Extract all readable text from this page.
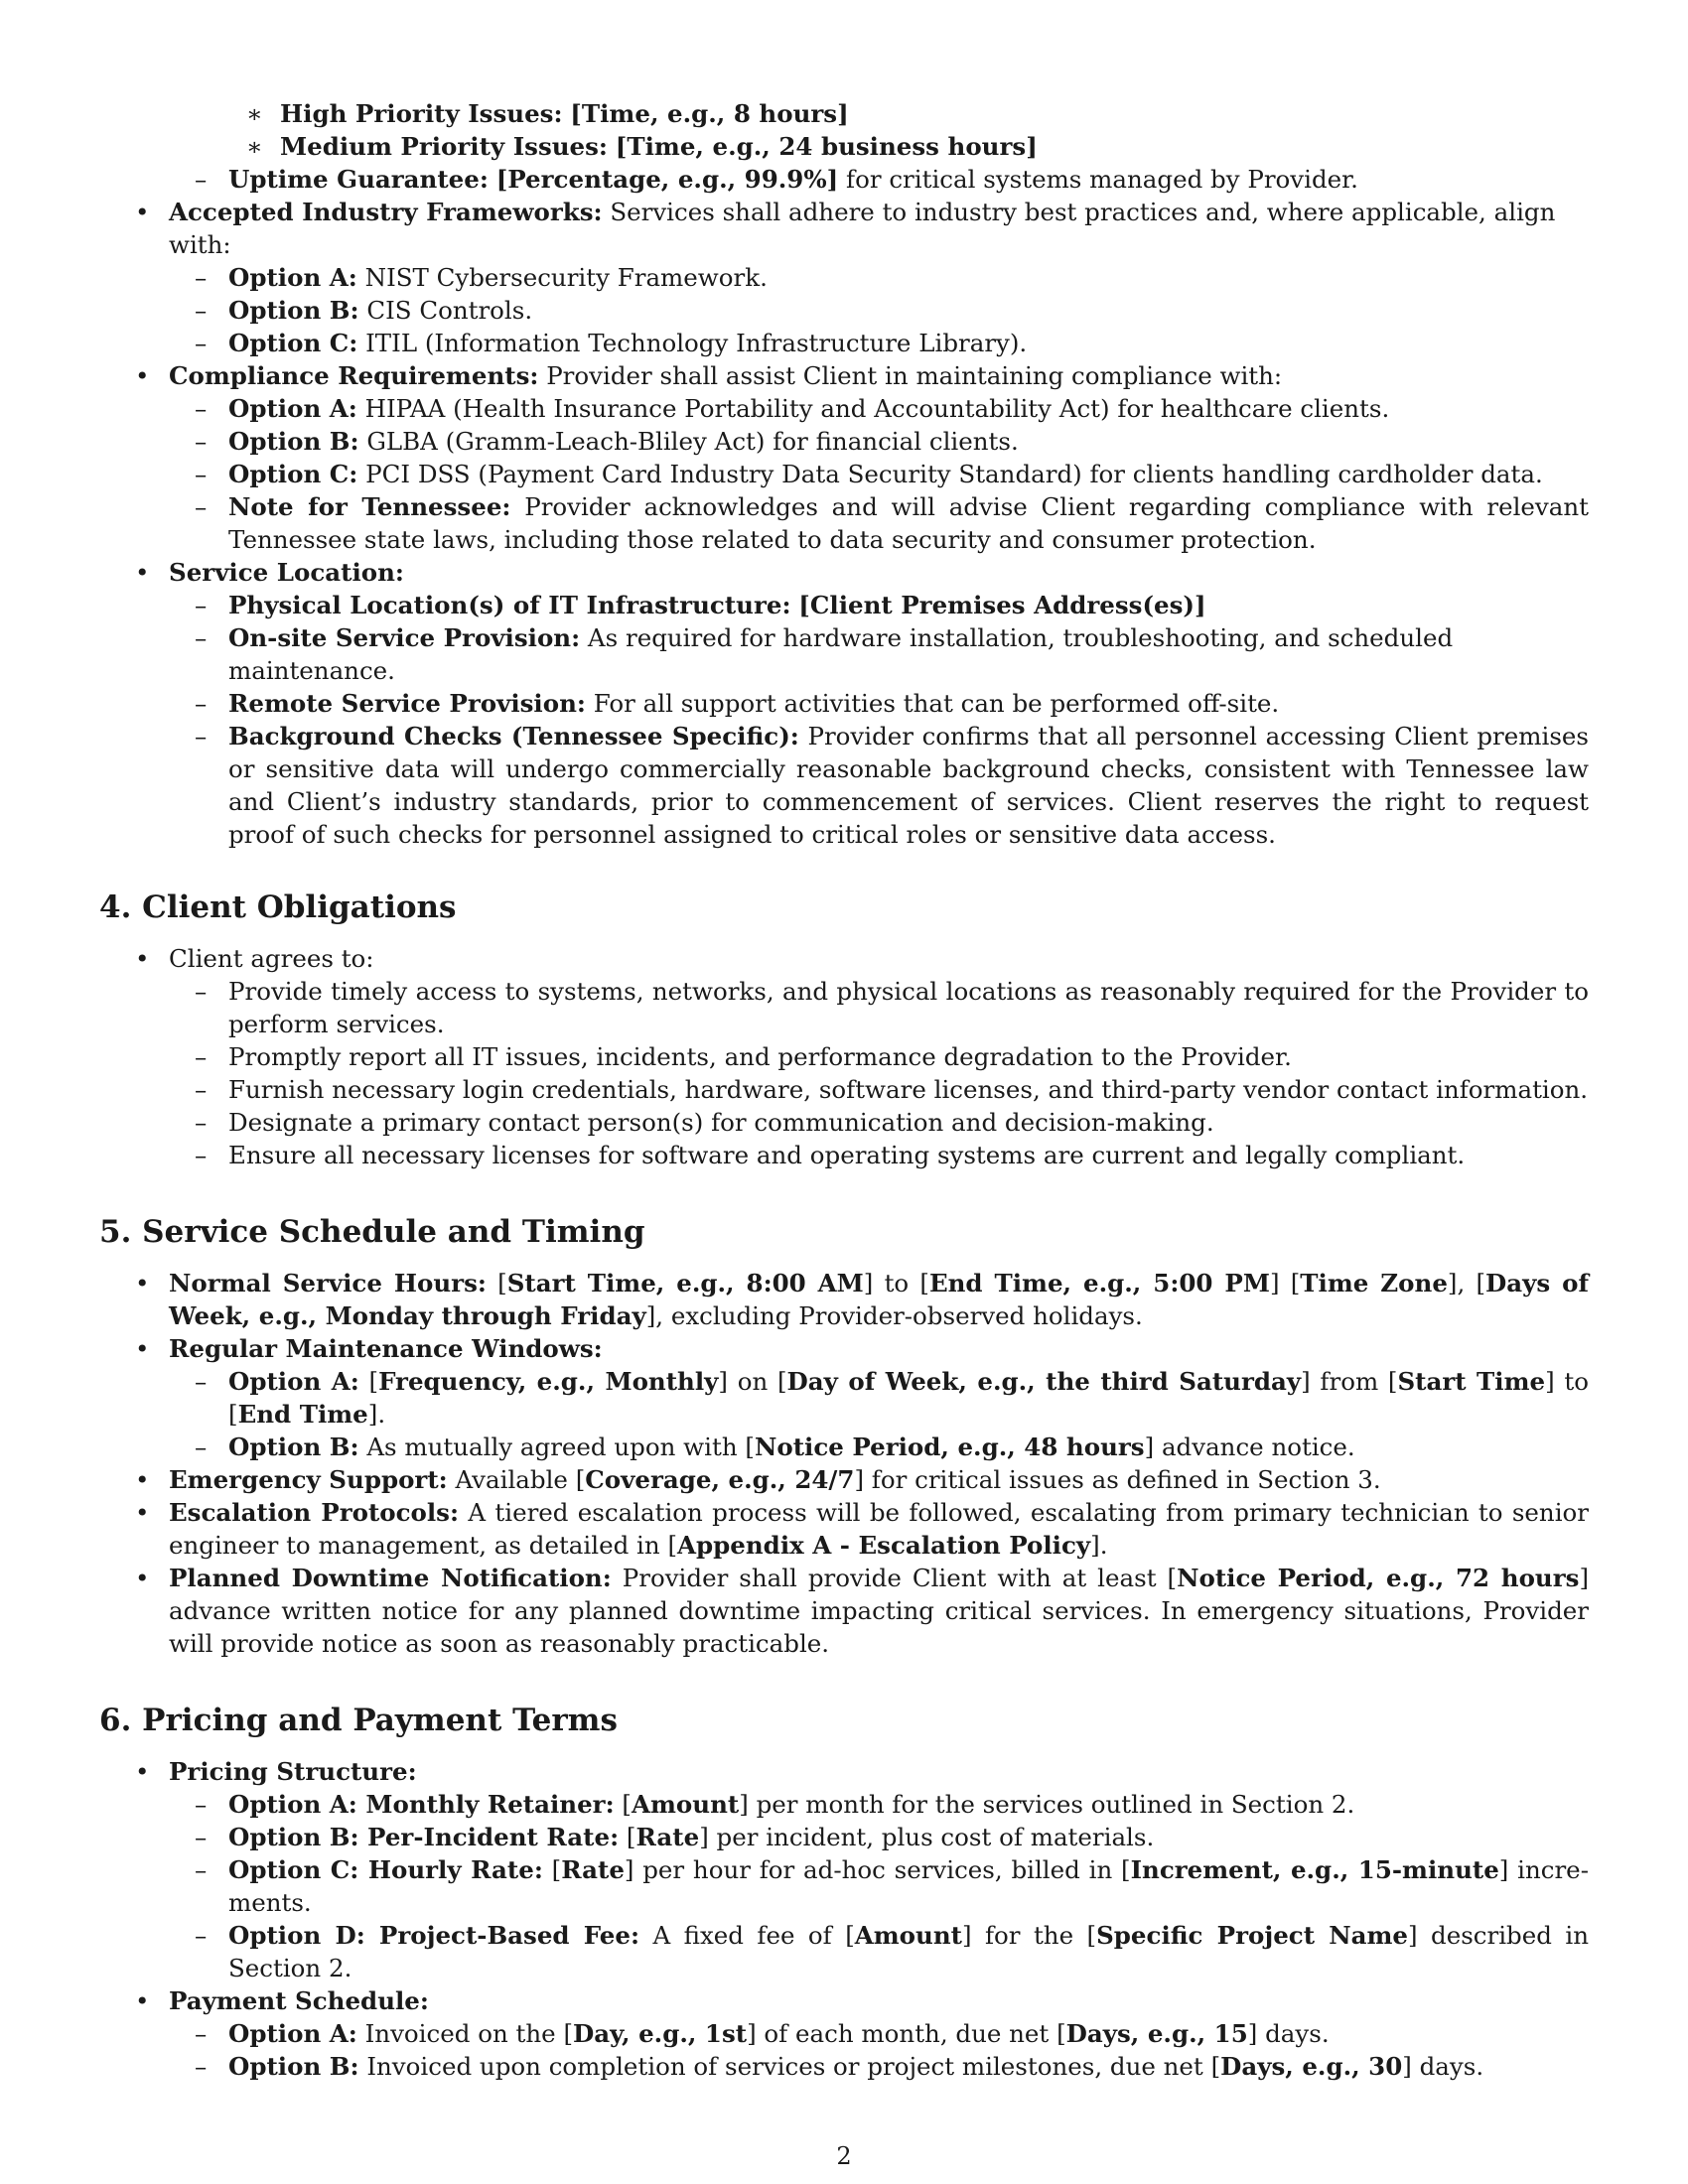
∗ High Priority Issues: [Time, e.g., 8 hours]
∗ Medium Priority Issues: [Time, e.g., 24 business hours]
– Uptime Guarantee: [Percentage, e.g., 99.9%] for critical systems managed by Provider.
• Accepted Industry Frameworks: Services shall adhere to industry best practices and, where applicable, align with:
– Option A: NIST Cybersecurity Framework.
– Option B: CIS Controls.
– Option C: ITIL (Information Technology Infrastructure Library).
• Compliance Requirements: Provider shall assist Client in maintaining compliance with:
– Option A: HIPAA (Health Insurance Portability and Accountability Act) for healthcare clients.
– Option B: GLBA (Gramm-Leach-Bliley Act) for financial clients.
– Option C: PCI DSS (Payment Card Industry Data Security Standard) for clients handling cardholder data.
– Note for Tennessee: Provider acknowledges and will advise Client regarding compliance with relevant Tennessee state laws, including those related to data security and consumer protection.
• Service Location:
– Physical Location(s) of IT Infrastructure: [Client Premises Address(es)]
– On-site Service Provision: As required for hardware installation, troubleshooting, and scheduled maintenance.
– Remote Service Provision: For all support activities that can be performed off-site.
– Background Checks (Tennessee Specific): Provider confirms that all personnel accessing Client premises or sensitive data will undergo commercially reasonable background checks, consistent with Tennessee law and Client’s industry standards, prior to commencement of services. Client reserves the right to request proof of such checks for personnel assigned to critical roles or sensitive data access.
4. Client Obligations
• Client agrees to:
– Provide timely access to systems, networks, and physical locations as reasonably required for the Provider to perform services.
– Promptly report all IT issues, incidents, and performance degradation to the Provider.
– Furnish necessary login credentials, hardware, software licenses, and third-party vendor contact information.
– Designate a primary contact person(s) for communication and decision-making.
– Ensure all necessary licenses for software and operating systems are current and legally compliant.
5. Service Schedule and Timing
• Normal Service Hours: [Start Time, e.g., 8:00 AM] to [End Time, e.g., 5:00 PM] [Time Zone], [Days of Week, e.g., Monday through Friday], excluding Provider-observed holidays.
• Regular Maintenance Windows:
– Option A: [Frequency, e.g., Monthly] on [Day of Week, e.g., the third Saturday] from [Start Time] to [End Time].
– Option B: As mutually agreed upon with [Notice Period, e.g., 48 hours] advance notice.
• Emergency Support: Available [Coverage, e.g., 24/7] for critical issues as defined in Section 3.
• Escalation Protocols: A tiered escalation process will be followed, escalating from primary technician to senior engineer to management, as detailed in [Appendix A - Escalation Policy].
• Planned Downtime Notification: Provider shall provide Client with at least [Notice Period, e.g., 72 hours] advance written notice for any planned downtime impacting critical services. In emergency situations, Provider will provide notice as soon as reasonably practicable.
6. Pricing and Payment Terms
• Pricing Structure:
– Option A: Monthly Retainer: [Amount] per month for the services outlined in Section 2.
– Option B: Per-Incident Rate: [Rate] per incident, plus cost of materials.
– Option C: Hourly Rate: [Rate] per hour for ad-hoc services, billed in [Increment, e.g., 15-minute] increments.
– Option D: Project-Based Fee: A fixed fee of [Amount] for the [Specific Project Name] described in Section 2.
• Payment Schedule:
– Option A: Invoiced on the [Day, e.g., 1st] of each month, due net [Days, e.g., 15] days.
– Option B: Invoiced upon completion of services or project milestones, due net [Days, e.g., 30] days.
2
